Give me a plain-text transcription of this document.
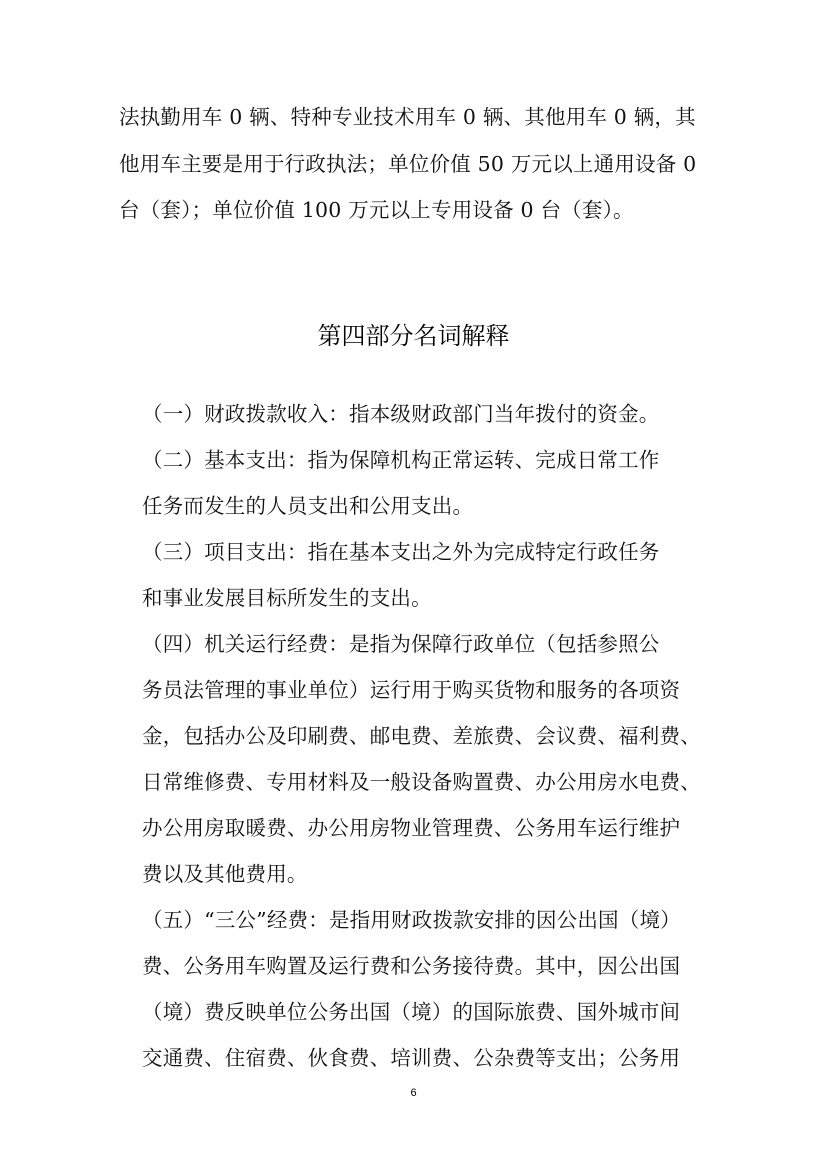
法执勤用车 0 辆、特种专业技术用车 0 辆、其他用车 0 辆，其
他用车主要是用于行政执法；单位价值 50 万元以上通用设备 0
台（套）；单位价值 100 万元以上专用设备 0 台（套）。
第四部分名词解释
（一）财政拨款收入：指本级财政部门当年拨付的资金。
（二）基本支出：指为保障机构正常运转、完成日常工作
任务而发生的人员支出和公用支出。
（三）项目支出：指在基本支出之外为完成特定行政任务
和事业发展目标所发生的支出。
（四）机关运行经费：是指为保障行政单位（包括参照公
务员法管理的事业单位）运行用于购买货物和服务的各项资
金，包括办公及印刷费、邮电费、差旅费、会议费、福利费、
日常维修费、专用材料及一般设备购置费、办公用房水电费、
办公用房取暖费、办公用房物业管理费、公务用车运行维护
费以及其他费用。
（五）“三公”经费：是指用财政拨款安排的因公出国（境）
费、公务用车购置及运行费和公务接待费。其中，因公出国
（境）费反映单位公务出国（境）的国际旅费、国外城市间
交通费、住宿费、伙食费、培训费、公杂费等支出；公务用
6
